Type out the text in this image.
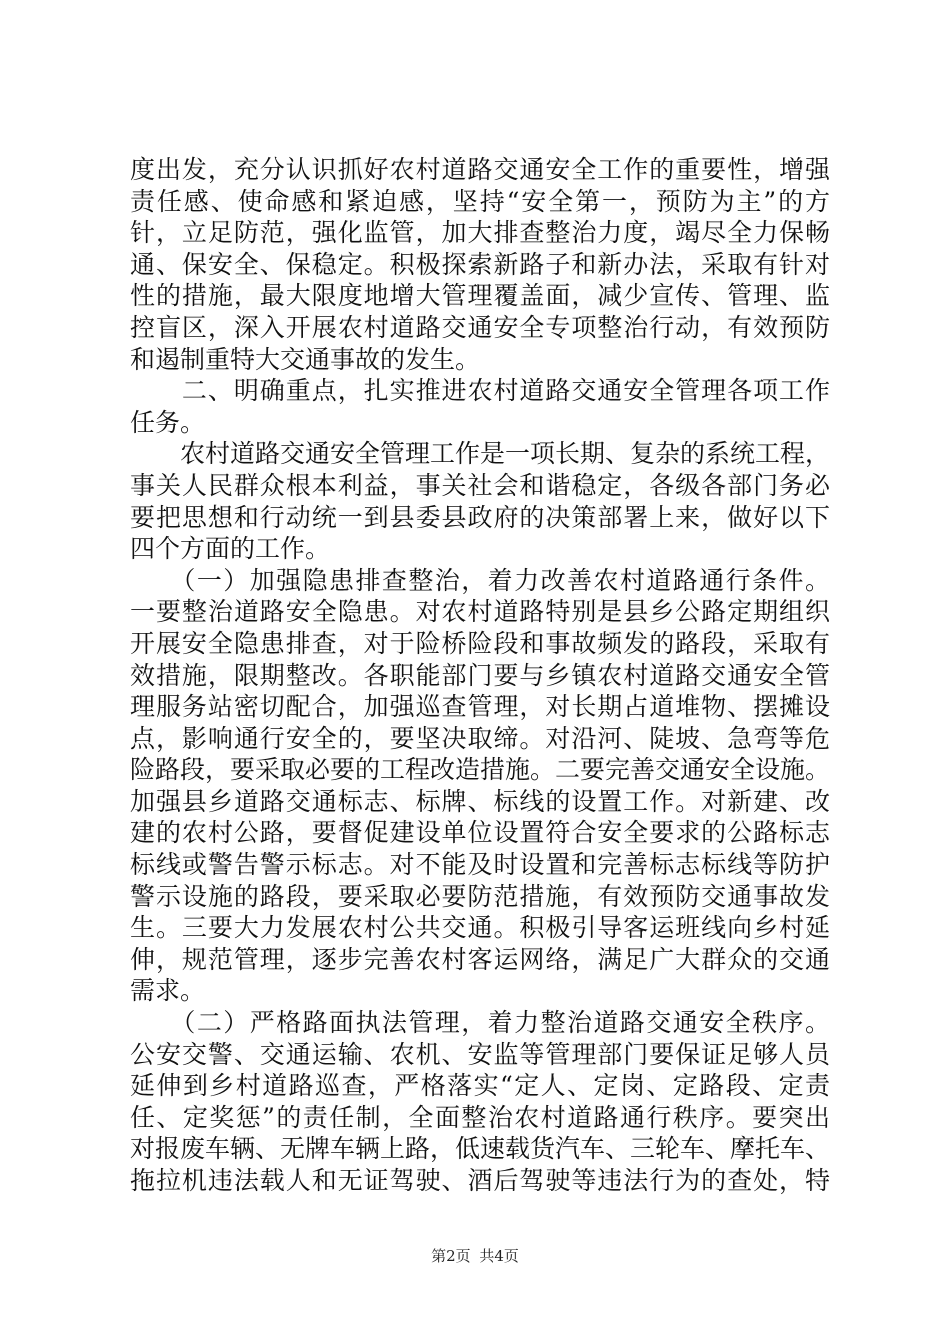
度出发，充分认识抓好农村道路交通安全工作的重要性，增强
责任感、使命感和紧迫感，坚持“安全第一，预防为主”的方
针，立足防范，强化监管，加大排查整治力度，竭尽全力保畅
通、保安全、保稳定。积极探索新路子和新办法，采取有针对
性的措施，最大限度地增大管理覆盖面，减少宣传、管理、监
控盲区，深入开展农村道路交通安全专项整治行动，有效预防
和遏制重特大交通事故的发生。
　　二、明确重点，扎实推进农村道路交通安全管理各项工作
任务。
　　农村道路交通安全管理工作是一项长期、复杂的系统工程，
事关人民群众根本利益，事关社会和谐稳定，各级各部门务必
要把思想和行动统一到县委县政府的决策部署上来，做好以下
四个方面的工作。
　　（一）加强隐患排查整治，着力改善农村道路通行条件。
一要整治道路安全隐患。对农村道路特别是县乡公路定期组织
开展安全隐患排查，对于险桥险段和事故频发的路段，采取有
效措施，限期整改。各职能部门要与乡镇农村道路交通安全管
理服务站密切配合，加强巡查管理，对长期占道堆物、摆摊设
点，影响通行安全的，要坚决取缔。对沿河、陡坡、急弯等危
险路段，要采取必要的工程改造措施。二要完善交通安全设施。
加强县乡道路交通标志、标牌、标线的设置工作。对新建、改
建的农村公路，要督促建设单位设置符合安全要求的公路标志
标线或警告警示标志。对不能及时设置和完善标志标线等防护
警示设施的路段，要采取必要防范措施，有效预防交通事故发
生。三要大力发展农村公共交通。积极引导客运班线向乡村延
伸，规范管理，逐步完善农村客运网络，满足广大群众的交通
需求。
　　（二）严格路面执法管理，着力整治道路交通安全秩序。
公安交警、交通运输、农机、安监等管理部门要保证足够人员
延伸到乡村道路巡查，严格落实“定人、定岗、定路段、定责
任、定奖惩”的责任制，全面整治农村道路通行秩序。要突出
对报废车辆、无牌车辆上路，低速载货汽车、三轮车、摩托车、
拖拉机违法载人和无证驾驶、酒后驾驶等违法行为的查处，特
第2页 共4页
